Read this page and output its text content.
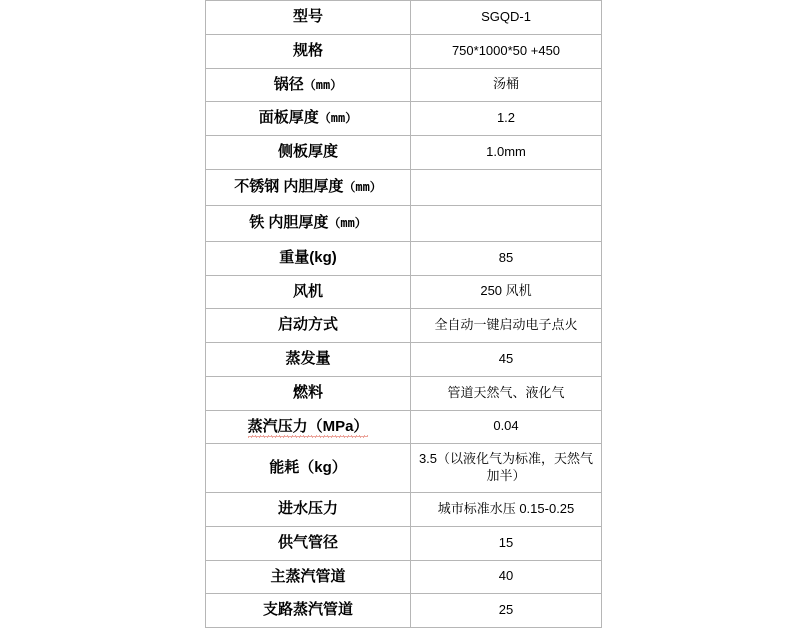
型号	SGQD-1
规格	750*1000*50 +450
锅径（mm）	汤桶
面板厚度（mm）	1.2
侧板厚度	1.0mm
不锈钢 内胆厚度（mm）	
铁 内胆厚度（mm）	
重量(kg)	85
风机	250 风机
启动方式	全自动一键启动电子点火
蒸发量	45
燃料	管道天然气、液化气
蒸汽压力（MPa）	0.04
能耗（kg）	3.5（以液化气为标准，天然气加半）
进水压力	城市标准水压 0.15-0.25
供气管径	15
主蒸汽管道	40
支路蒸汽管道	25
